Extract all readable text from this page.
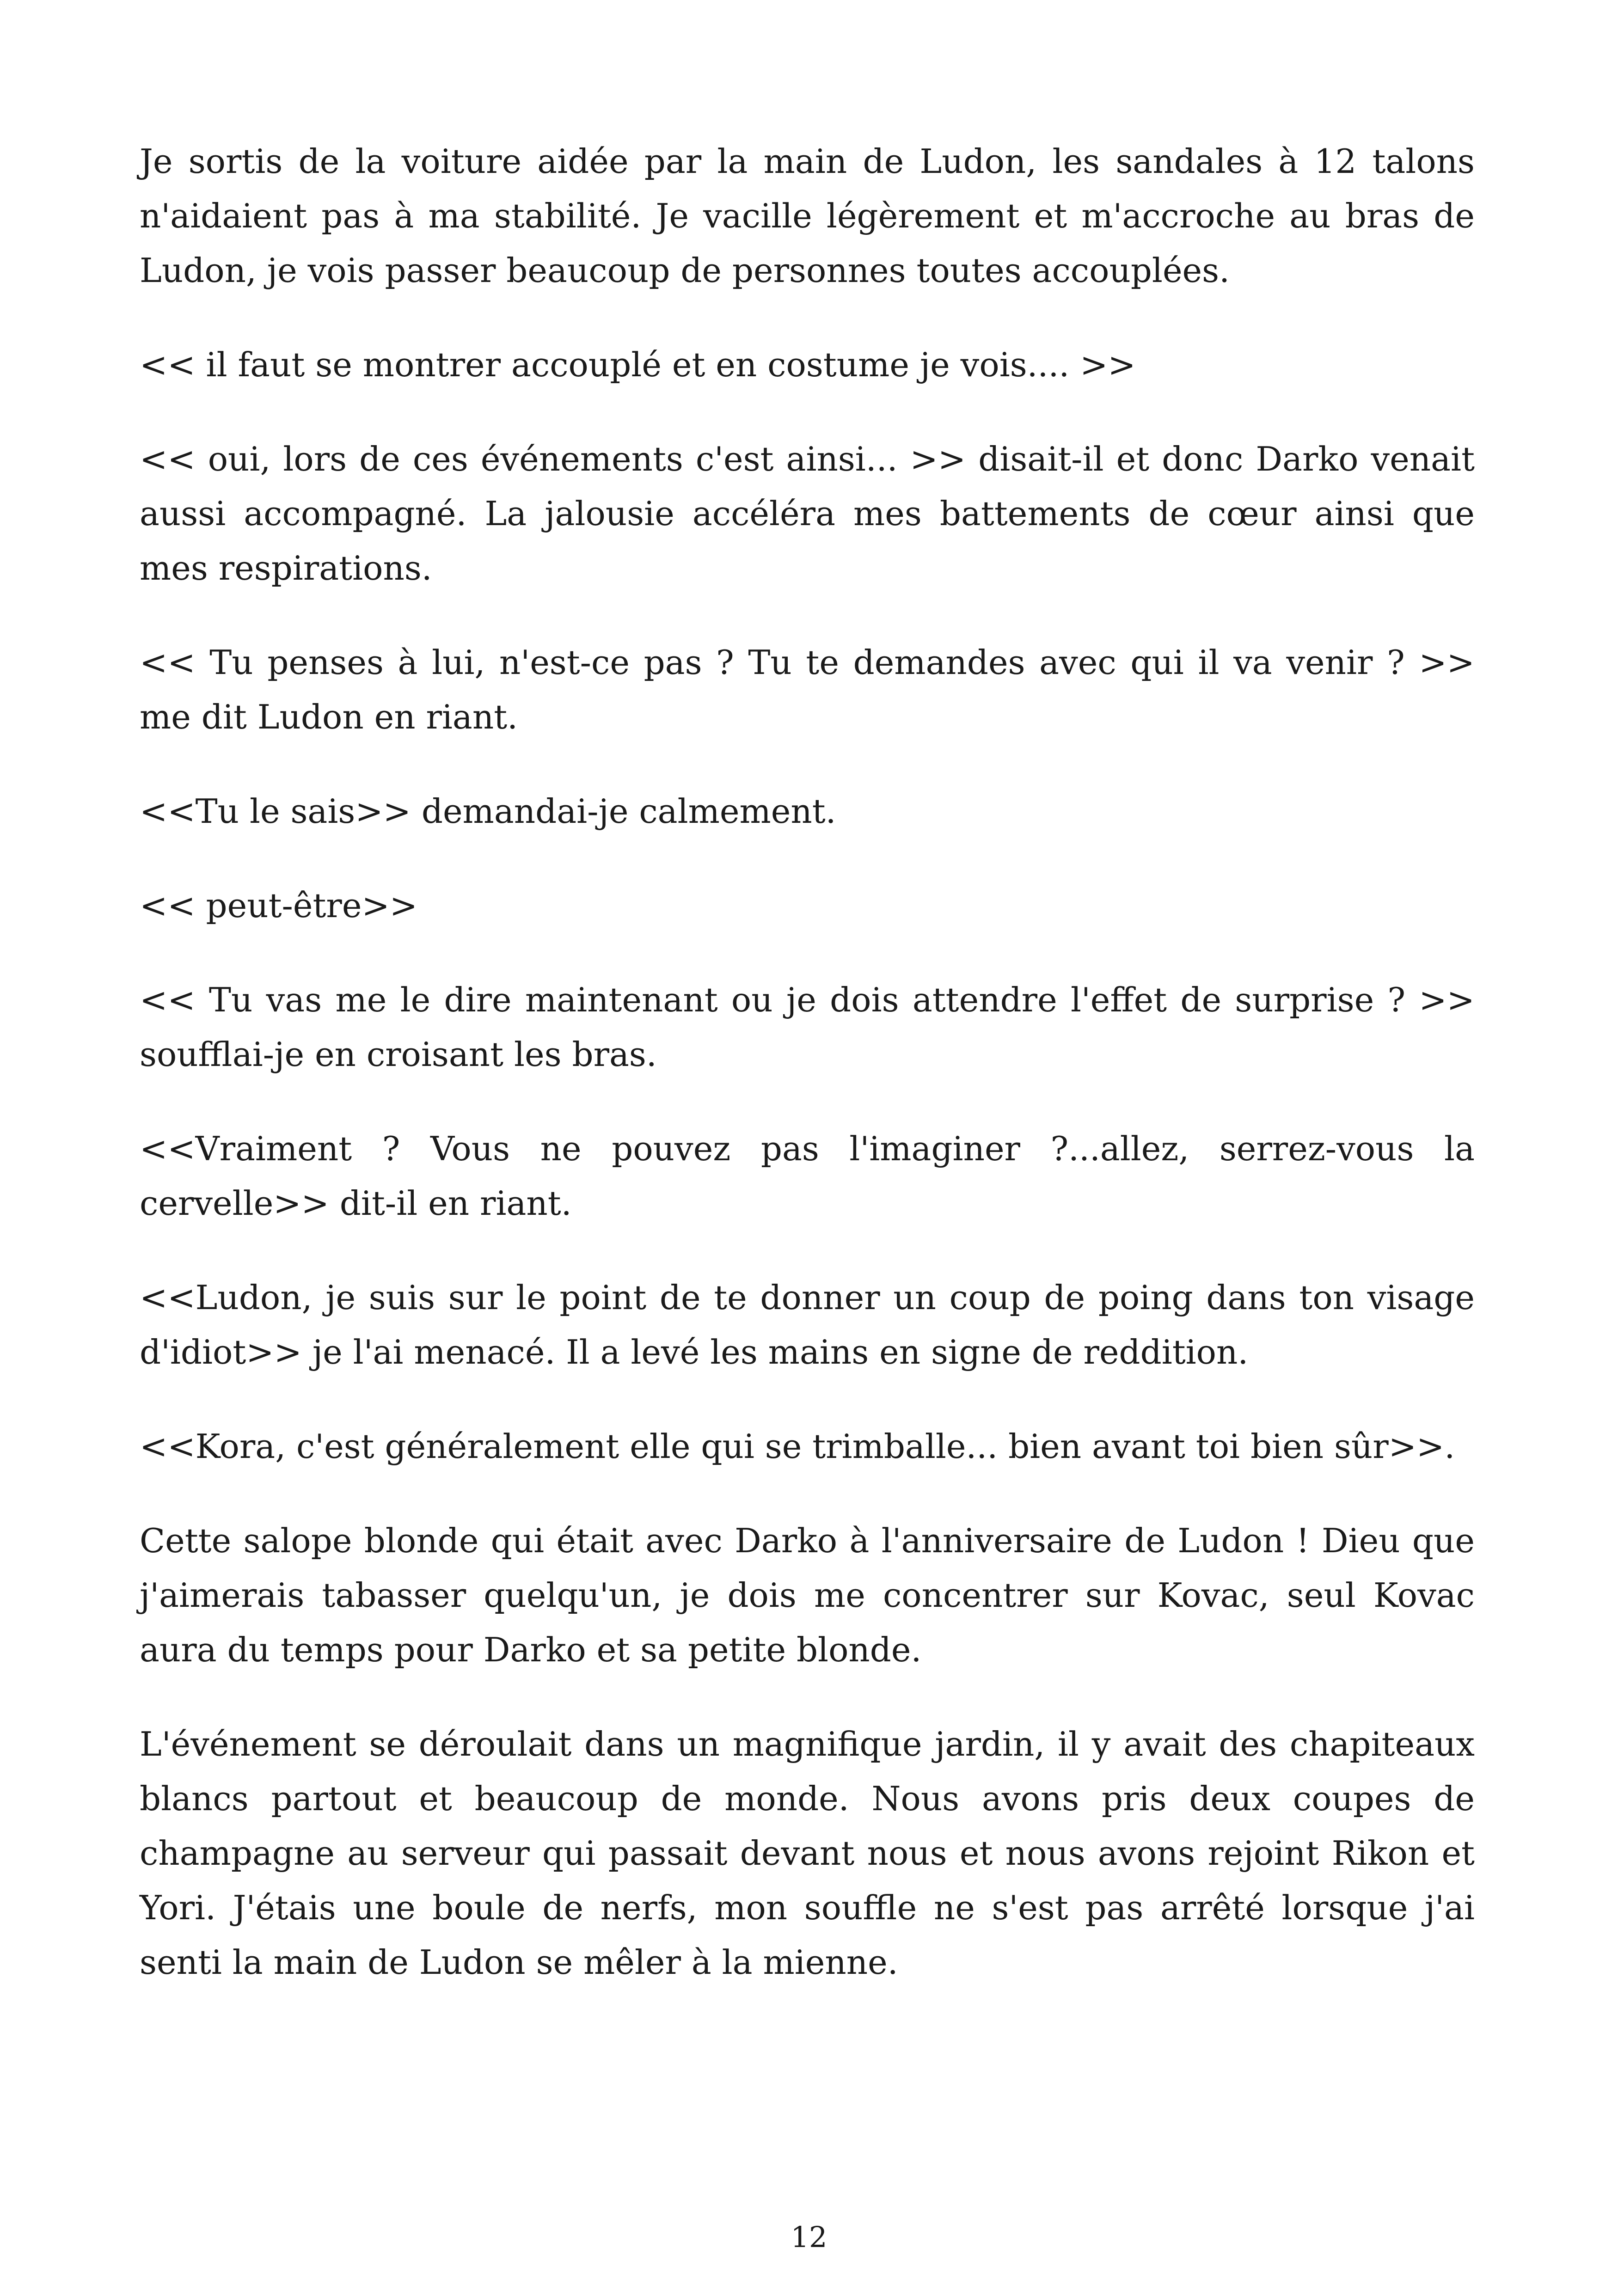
Je sortis de la voiture aidée par la main de Ludon, les sandales à 12 talons n'aidaient pas à ma stabilité. Je vacille légèrement et m'accroche au bras de Ludon, je vois passer beaucoup de personnes toutes accouplées.

<< il faut se montrer accouplé et en costume je vois.... >>

<< oui, lors de ces événements c'est ainsi... >> disait-il et donc Darko venait aussi accompagné. La jalousie accéléra mes battements de cœur ainsi que mes respirations.

<< Tu penses à lui, n'est-ce pas ? Tu te demandes avec qui il va venir ? >> me dit Ludon en riant.

<<Tu le sais>> demandai-je calmement.

<< peut-être>>

<< Tu vas me le dire maintenant ou je dois attendre l'effet de surprise ? >> soufflai-je en croisant les bras.

<<Vraiment ? Vous ne pouvez pas l'imaginer ?...allez, serrez-vous la cervelle>> dit-il en riant.

<<Ludon, je suis sur le point de te donner un coup de poing dans ton visage d'idiot>> je l'ai menacé. Il a levé les mains en signe de reddition.

<<Kora, c'est généralement elle qui se trimballe... bien avant toi bien sûr>>.

Cette salope blonde qui était avec Darko à l'anniversaire de Ludon ! Dieu que j'aimerais tabasser quelqu'un, je dois me concentrer sur Kovac, seul Kovac aura du temps pour Darko et sa petite blonde.

L'événement se déroulait dans un magnifique jardin, il y avait des chapiteaux blancs partout et beaucoup de monde. Nous avons pris deux coupes de champagne au serveur qui passait devant nous et nous avons rejoint Rikon et Yori. J'étais une boule de nerfs, mon souffle ne s'est pas arrêté lorsque j'ai senti la main de Ludon se mêler à la mienne.

12
